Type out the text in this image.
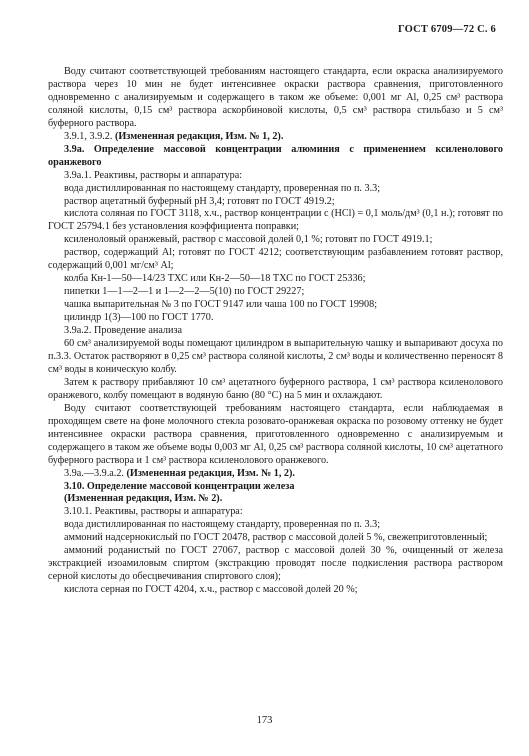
ГОСТ 6709—72 С. 6

Воду считают соответствующей требованиям настоящего стандарта, если окраска анализируемого раствора через 10 мин не будет интенсивнее окраски раствора сравнения, приготовленного одновременно с анализируемым и содержащего в таком же объеме: 0,001 мг Al, 0,25 см³ раствора соляной кислоты, 0,15 см³ раствора аскорбиновой кислоты, 0,5 см³ раствора стильбазо и 5 см³ буферного раствора.

3.9.1, 3.9.2. (Измененная редакция, Изм. № 1, 2).

3.9а. Определение массовой концентрации алюминия с применением ксиленолового оранжевого

3.9а.1. Реактивы, растворы и аппаратура:

вода дистиллированная по настоящему стандарту, проверенная по п. 3.3;

раствор ацетатный буферный pH 3,4; готовят по ГОСТ 4919.2;

кислота соляная по ГОСТ 3118, х.ч., раствор концентрации c (HCl) = 0,1 моль/дм³ (0,1 н.); готовят по ГОСТ 25794.1 без установления коэффициента поправки;

ксиленоловый оранжевый, раствор с массовой долей 0,1 %; готовят по ГОСТ 4919.1;

раствор, содержащий Al; готовят по ГОСТ 4212; соответствующим разбавлением готовят раствор, содержащий 0,001 мг/см³ Al;

колба Кн-1—50—14/23 ТХС или Кн-2—50—18 ТХС по ГОСТ 25336;

пипетки 1—1—2—1 и 1—2—2—5(10) по ГОСТ 29227;

чашка выпарительная № 3 по ГОСТ 9147 или чаша 100 по ГОСТ 19908;

цилиндр 1(3)—100 по ГОСТ 1770.

3.9а.2. Проведение анализа

60 см³ анализируемой воды помещают цилиндром в выпарительную чашку и выпаривают досуха по п.3.3. Остаток растворяют в 0,25 см³ раствора соляной кислоты, 2 см³ воды и количественно переносят 8 см³ воды в коническую колбу.

Затем к раствору прибавляют 10 см³ ацетатного буферного раствора, 1 см³ раствора ксиленолового оранжевого, колбу помещают в водяную баню (80 °С) на 5 мин и охлаждают.

Воду считают соответствующей требованиям настоящего стандарта, если наблюдаемая в проходящем свете на фоне молочного стекла розовато-оранжевая окраска по розовому оттенку не будет интенсивнее окраски раствора сравнения, приготовленного одновременно с анализируемым и содержащего в таком же объеме воды 0,003 мг Al, 0,25 см³ раствора соляной кислоты, 10 см³ ацетатного буферного раствора и 1 см³ раствора ксиленолового оранжевого.

3.9а.—3.9.а.2. (Измененная редакция, Изм. № 1, 2).

3.10. Определение массовой концентрации железа

(Измененная редакция, Изм. № 2).

3.10.1. Реактивы, растворы и аппаратура:

вода дистиллированная по настоящему стандарту, проверенная по п. 3.3;

аммоний надсернокислый по ГОСТ 20478, раствор с массовой долей 5 %, свежеприготовленный;

аммоний роданистый по ГОСТ 27067, раствор с массовой долей 30 %, очищенный от железа экстракцией изоамиловым спиртом (экстракцию проводят после подкисления раствора раствором серной кислоты до обесцвечивания спиртового слоя);

кислота серная по ГОСТ 4204, х.ч., раствор с массовой долей 20 %;

173
